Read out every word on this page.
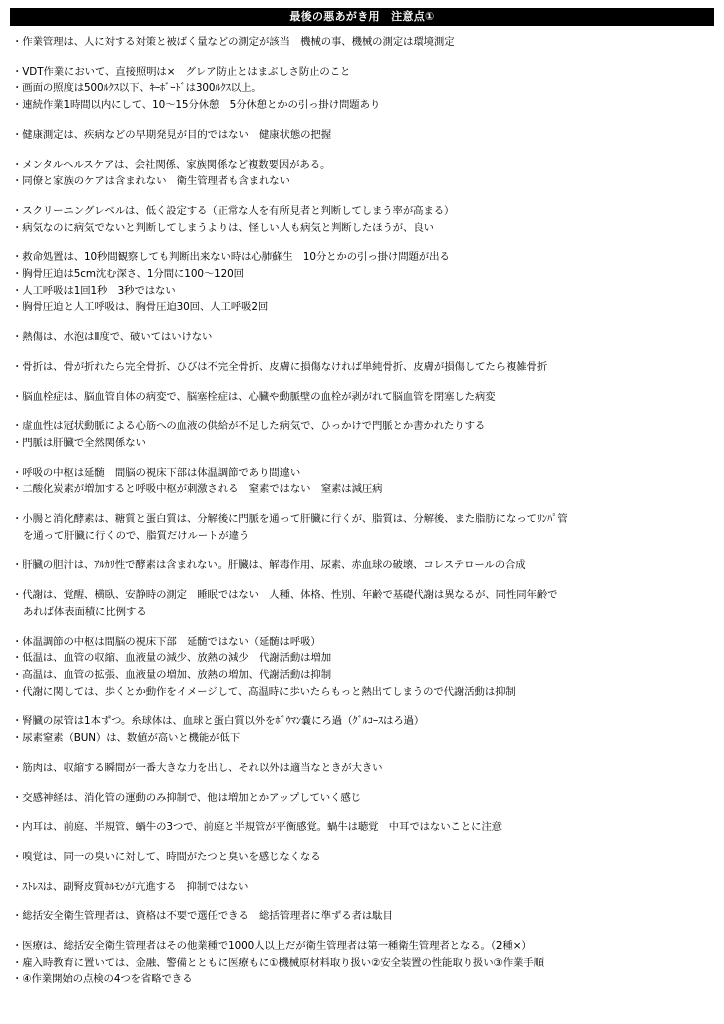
最後の悪あがき用　注意点①
・作業管理は、人に対する対策と被ばく量などの測定が該当　機械の事、機械の測定は環境測定
・VDT作業において、直接照明は×　グレア防止とはまぶしさ防止のこと
・画面の照度は500ﾙｸｽ以下、ｷｰﾎﾞｰﾄﾞは300ﾙｸｽ以上。
・連続作業1時間以内にして、10～15分休憩　5分休憩とかの引っ掛け問題あり
・健康測定は、疾病などの早期発見が目的ではない　健康状態の把握
・メンタルヘルスケアは、会社関係、家族関係など複数要因がある。
・同僚と家族のケアは含まれない　衛生管理者も含まれない
・スクリーニングレベルは、低く設定する（正常な人を有所見者と判断してしまう率が高まる）
・病気なのに病気でないと判断してしまうよりは、怪しい人も病気と判断したほうが、良い
・救命処置は、10秒間観察しても判断出来ない時は心肺蘇生　10分とかの引っ掛け問題が出る
・胸骨圧迫は5cm沈む深さ、1分間に100～120回
・人工呼吸は1回1秒　3秒ではない
・胸骨圧迫と人工呼吸は、胸骨圧迫30回、人工呼吸2回
・熱傷は、水泡はⅡ度で、破いてはいけない
・骨折は、骨が折れたら完全骨折、ひびは不完全骨折、皮膚に損傷なければ単純骨折、皮膚が損傷してたら複雑骨折
・脳血栓症は、脳血管自体の病変で、脳塞栓症は、心臓や動脈壁の血栓が剥がれて脳血管を閉塞した病変
・虚血性は冠状動脈による心筋への血液の供給が不足した病気で、ひっかけで門脈とか書かれたりする
・門脈は肝臓で全然関係ない
・呼吸の中枢は延髄　間脳の視床下部は体温調節であり間違い
・二酸化炭素が増加すると呼吸中枢が刺激される　窒素ではない　窒素は減圧病
・小腸と消化酵素は、糖質と蛋白質は、分解後に門脈を通って肝臓に行くが、脂質は、分解後、また脂肪になってﾘﾝﾊﾟ管
を通って肝臓に行くので、脂質だけルートが違う
・肝臓の胆汁は、ｱﾙｶﾘ性で酵素は含まれない。肝臓は、解毒作用、尿素、赤血球の破壊、コレステロールの合成
・代謝は、覚醒、横臥、安静時の測定　睡眠ではない　人種、体格、性別、年齢で基礎代謝は異なるが、同性同年齢で
あれば体表面積に比例する
・体温調節の中枢は間脳の視床下部　延髄ではない（延髄は呼吸）
・低温は、血管の収縮、血液量の減少、放熱の減少　代謝活動は増加
・高温は、血管の拡張、血液量の増加、放熱の増加、代謝活動は抑制
・代謝に関しては、歩くとか動作をイメージして、高温時に歩いたらもっと熱出てしまうので代謝活動は抑制
・腎臓の尿管は1本ずつ。糸球体は、血球と蛋白質以外をﾎﾞｳﾏﾝ嚢にろ過（ｸﾞﾙｺｰｽはろ過）
・尿素窒素（BUN）は、数値が高いと機能が低下
・筋肉は、収縮する瞬間が一番大きな力を出し、それ以外は適当なときが大きい
・交感神経は、消化管の運動のみ抑制で、他は増加とかアップしていく感じ
・内耳は、前庭、半規管、蝸牛の3つで、前庭と半規管が平衡感覚。蝸牛は聴覚　中耳ではないことに注意
・嗅覚は、同一の臭いに対して、時間がたつと臭いを感じなくなる
・ｽﾄﾚｽは、副腎皮質ﾎﾙﾓﾝが亢進する　抑制ではない
・総括安全衛生管理者は、資格は不要で選任できる　総括管理者に準ずる者は駄目
・医療は、総括安全衛生管理者はその他業種で1000人以上だが衛生管理者は第一種衛生管理者となる。（2種×）
・雇入時教育に置いては、金融、警備とともに医療もに①機械原材料取り扱い②安全装置の性能取り扱い③作業手順
・④作業開始の点検の4つを省略できる
